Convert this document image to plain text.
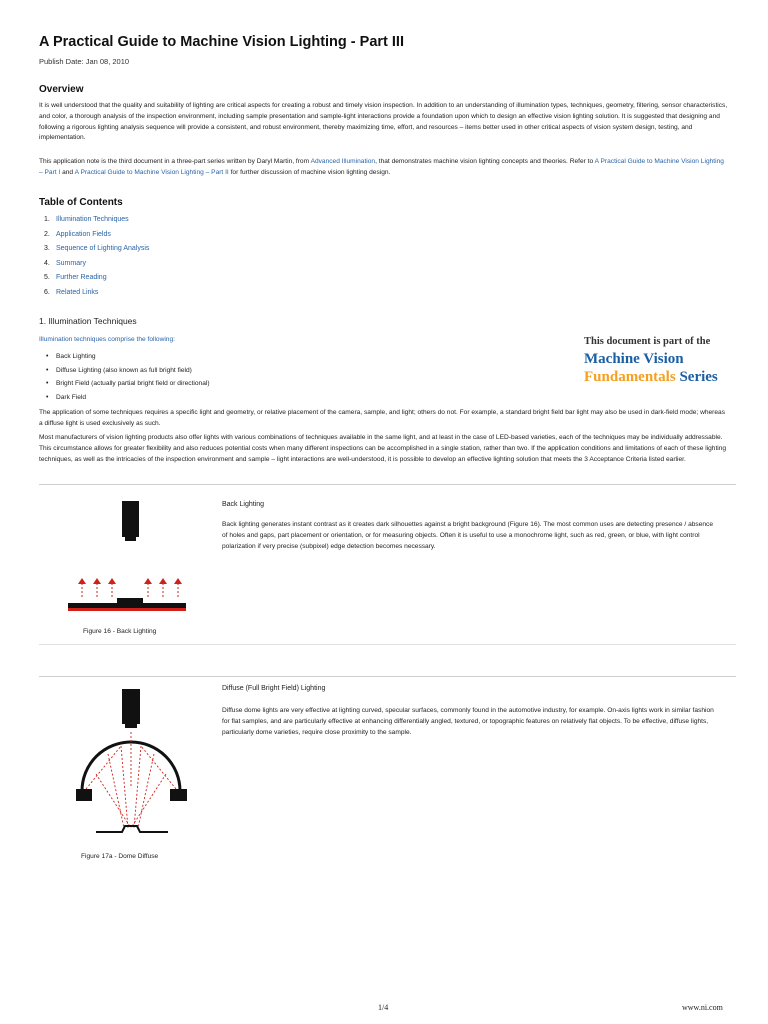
A Practical Guide to Machine Vision Lighting - Part III
Publish Date: Jan 08, 2010
Overview
It is well understood that the quality and suitability of lighting are critical aspects for creating a robust and timely vision inspection. In addition to an understanding of illumination types, techniques, geometry, filtering, sensor characteristics, and color, a thorough analysis of the inspection environment, including sample presentation and sample-light interactions provide a foundation upon which to design an effective vision lighting solution. It is suggested that designing and following a rigorous lighting analysis sequence will provide a consistent, and robust environment, thereby maximizing time, effort, and resources – items better used in other critical aspects of vision system design, testing, and implementation.
This application note is the third document in a three-part series written by Daryl Martin, from Advanced Illumination, that demonstrates machine vision lighting concepts and theories. Refer to A Practical Guide to Machine Vision Lighting – Part I and A Practical Guide to Machine Vision Lighting – Part II for further discussion of machine vision lighting design.
Table of Contents
1. Illumination Techniques
2. Application Fields
3. Sequence of Lighting Analysis
4. Summary
5. Further Reading
6. Related Links
1. Illumination Techniques
Illumination techniques comprise the following:
• Back Lighting
• Diffuse Lighting (also known as full bright field)
• Bright Field (actually partial bright field or directional)
• Dark Field
This document is part of the
Machine Vision
Fundamentals Series
The application of some techniques requires a specific light and geometry, or relative placement of the camera, sample, and light; others do not. For example, a standard bright field bar light may also be used in dark-field mode; whereas a diffuse light is used exclusively as such.
Most manufacturers of vision lighting products also offer lights with various combinations of techniques available in the same light, and at least in the case of LED-based varieties, each of the techniques may be individually addressable. This circumstance allows for greater flexibility and also reduces potential costs when many different inspections can be accomplished in a single station, rather than two. If the application conditions and limitations of each of these lighting techniques, as well as the intricacies of the inspection environment and sample – light interactions are well-understood, it is possible to develop an effective lighting solution that meets the 3 Acceptance Criteria listed earlier.
Figure 16 - Back Lighting
Back Lighting
Back lighting generates instant contrast as it creates dark silhouettes against a bright background (Figure 16). The most common uses are detecting presence / absence of holes and gaps, part placement or orientation, or for measuring objects. Often it is useful to use a monochrome light, such as red, green, or blue, with light control polarization if very precise (subpixel) edge detection becomes necessary.
Figure 17a - Dome Diffuse
Diffuse (Full Bright Field) Lighting
Diffuse dome lights are very effective at lighting curved, specular surfaces, commonly found in the automotive industry, for example. On-axis lights work in similar fashion for flat samples, and are particularly effective at enhancing differentially angled, textured, or topographic features on relatively flat objects. To be effective, diffuse lights, particularly dome varieties, require close proximity to the sample.
1/4	www.ni.com
